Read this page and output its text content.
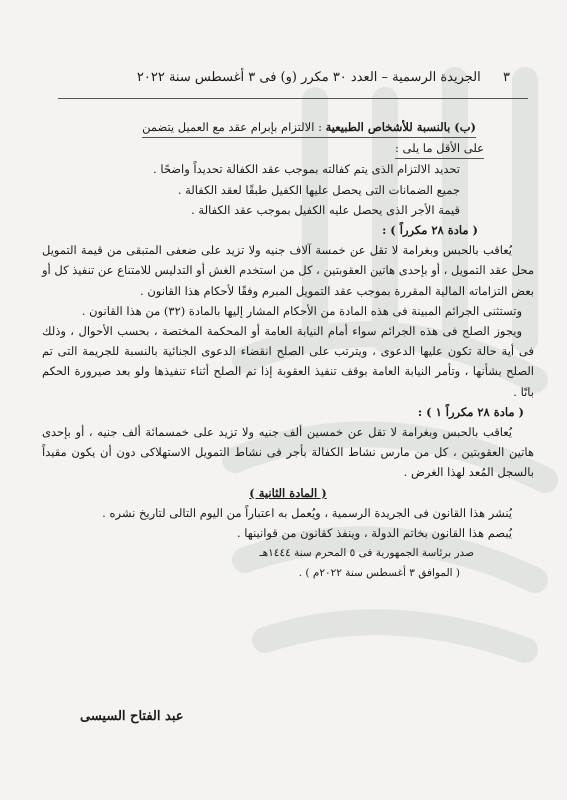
٣  الجريدة الرسمية – العدد ٣٠ مكرر (و) فى ٣ أغسطس سنة ٢٠٢٢

(ب) بالنسبة للأشخاص الطبيعية : الالتزام بإبرام عقد مع العميل يتضمن

على الأقل ما يلى :

تحديد الالتزام الذى يتم كفالته بموجب عقد الكفالة تحديداً واضحًا .

جميع الضمانات التى يحصل عليها الكفيل طبقًا لعقد الكفالة .

قيمة الأجر الذى يحصل عليه الكفيل بموجب عقد الكفالة .

( مادة ٢٨ مكرراً ) :

يُعاقب بالحبس وبغرامة لا تقل عن خمسة آلاف جنيه ولا تزيد على ضعفى المتبقى من قيمة التمويل محل عقد التمويل ، أو بإحدى هاتين العقوبتين ، كل من استخدم الغش أو التدليس للامتناع عن تنفيذ كل أو بعض التزاماته المالية المقررة بموجب عقد التمويل المبرم وفقًا لأحكام هذا القانون .

وتستثنى الجرائم المبينة فى هذه المادة من الأحكام المشار إليها بالمادة (٣٢) من هذا القانون .

ويجوز الصلح فى هذه الجرائم سواء أمام النيابة العامة أو المحكمة المختصة ، بحسب الأحوال ، وذلك فى أية حالة تكون عليها الدعوى ، ويترتب على الصلح انقضاء الدعوى الجنائية بالنسبة للجريمة التى تم الصلح بشأنها ، وتأمر النيابة العامة بوقف تنفيذ العقوبة إذا تم الصلح أثناء تنفيذها ولو بعد صيرورة الحكم باتًا .

( مادة ٢٨ مكرراً ١ ) :

يُعاقب بالحبس وبغرامة لا تقل عن خمسين ألف جنيه ولا تزيد على خمسمائة ألف جنيه ، أو بإحدى هاتين العقوبتين ، كل من مارس نشاط الكفالة بأجر فى نشاط التمويل الاستهلاكى دون أن يكون مقيداً بالسجل المُعد لهذا الغرض .

( المادة الثانية )

يُنشر هذا القانون فى الجريدة الرسمية ، ويُعمل به اعتباراً من اليوم التالى لتاريخ نشره .

يُبصم هذا القانون بخاتم الدولة ، وينفذ كقانون من قوانينها .

صدر برئاسة الجمهورية فى ٥ المحرم سنة ١٤٤٤هـ

( الموافق ٣ أغسطس سنة ٢٠٢٢م ) .

عبد الفتاح السيسى
